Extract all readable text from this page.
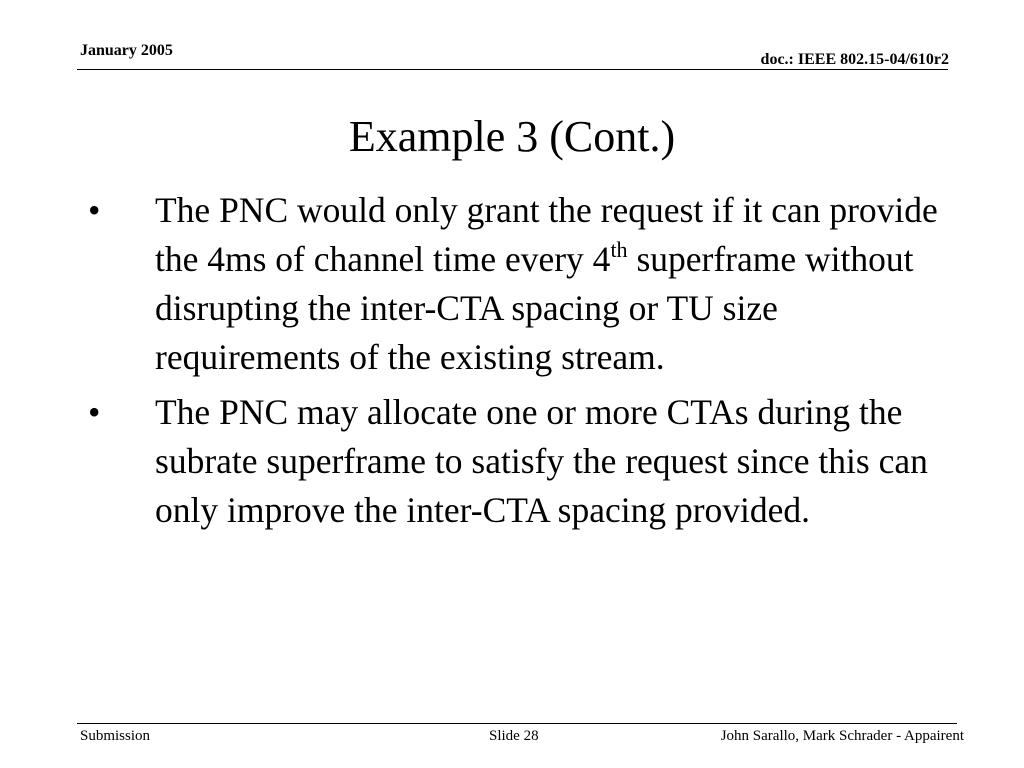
January 2005
doc.: IEEE 802.15-04/610r2
Example 3 (Cont.)
• The PNC would only grant the request if it can provide the 4ms of channel time every 4th superframe without disrupting the inter-CTA spacing or TU size requirements of the existing stream.
• The PNC may allocate one or more CTAs during the subrate superframe to satisfy the request since this can only improve the inter-CTA spacing provided.
Submission	Slide 28	John Sarallo, Mark Schrader - Appairent
